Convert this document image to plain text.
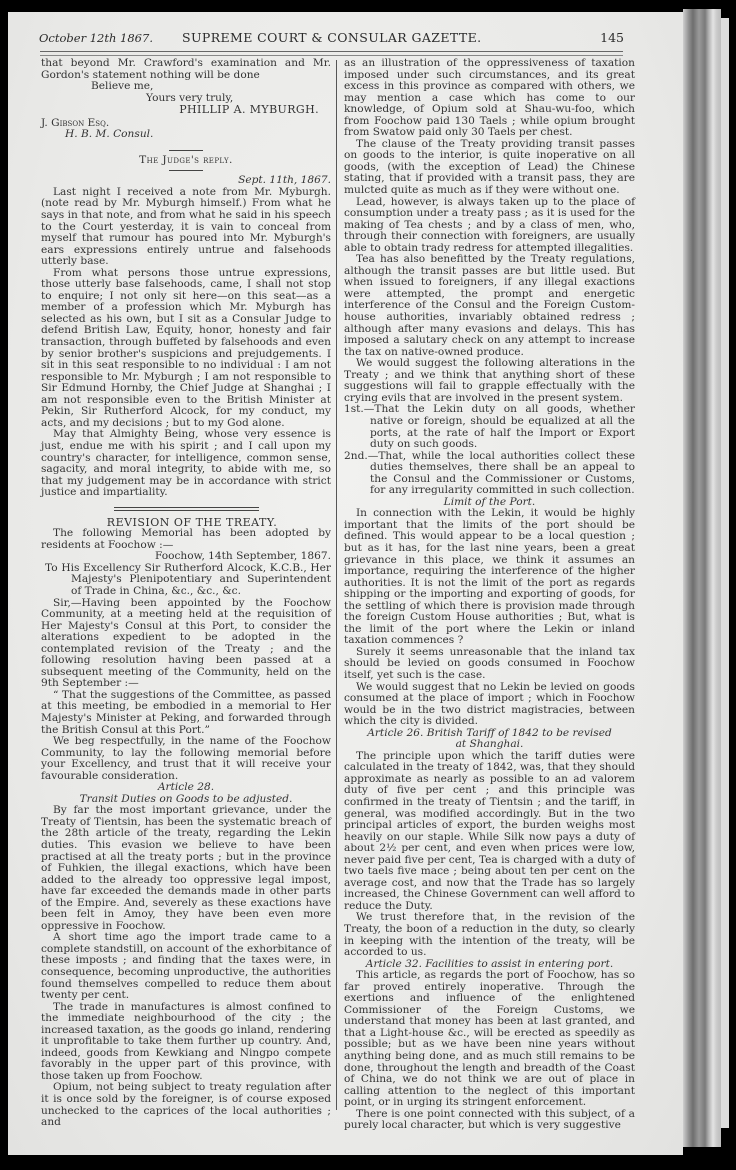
October 12th 1867.	SUPREME COURT & CONSULAR GAZETTE.	145

that beyond Mr. Crawford's examination and Mr. Gordon's statement nothing will be done

Believe me,

Yours very truly,

PHILLIP A. MYBURGH.

J. Gibson Esq.

H. B. M. Consul.

The Judge's reply.

Sept. 11th, 1867.

Last night I received a note from Mr. Myburgh. (note read by Mr. Myburgh himself.) From what he says in that note, and from what he said in his speech to the Court yesterday, it is vain to conceal from myself that rumour has poured into Mr. Myburgh's ears expressions entirely untrue and falsehoods utterly base.

From what persons those untrue expressions, those utterly base falsehoods, came, I shall not stop to enquire; I not only sit here—on this seat—as a member of a profession which Mr. Myburgh has selected as his own, but I sit as a Consular Judge to defend British Law, Equity, honor, honesty and fair transaction, through buffeted by falsehoods and even by senior brother's suspicions and prejudgements. I sit in this seat responsible to no individual : I am not responsible to Mr. Myburgh ; I am not responsible to Sir Edmund Hornby, the Chief Judge at Shanghai ; I am not responsible even to the British Minister at Pekin, Sir Rutherford Alcock, for my conduct, my acts, and my decisions ; but to my God alone.

May that Almighty Being, whose very essence is just, endue me with his spirit ; and I call upon my country's character, for intelligence, common sense, sagacity, and moral integrity, to abide with me, so that my judgement may be in accordance with strict justice and impartiality.

REVISION OF THE TREATY.

The following Memorial has been adopted by residents at Foochow :—

Foochow, 14th September, 1867.

To His Excellency Sir Rutherford Alcock, K.C.B., Her Majesty's Plenipotentiary and Superintendent of Trade in China, &c., &c., &c.

Sir,—Having been appointed by the Foochow Community, at a meeting held at the requisition of Her Majesty's Consul at this Port, to consider the alterations expedient to be adopted in the contemplated revision of the Treaty ; and the following resolution having been passed at a subsequent meeting of the Community, held on the 9th September :—

“ That the suggestions of the Committee, as passed at this meeting, be embodied in a memorial to Her Majesty's Minister at Peking, and forwarded through the British Consul at this Port.”

We beg respectfully, in the name of the Foochow Community, to lay the following memorial before your Excellency, and trust that it will receive your favourable consideration.

Article 28.

Transit Duties on Goods to be adjusted.

By far the most important grievance, under the Treaty of Tientsin, has been the systematic breach of the 28th article of the treaty, regarding the Lekin duties. This evasion we believe to have been practised at all the treaty ports ; but in the province of Fuhkien, the illegal exactions, which have been added to the already too oppressive legal impost, have far exceeded the demands made in other parts of the Empire. And, severely as these exactions have been felt in Amoy, they have been even more oppressive in Foochow.

A short time ago the import trade came to a complete standstill, on account of the exhorbitance of these imposts ; and finding that the taxes were, in consequence, becoming unproductive, the authorities found themselves compelled to reduce them about twenty per cent.

The trade in manufactures is almost confined to the immediate neighbourhood of the city ; the increased taxation, as the goods go inland, rendering it unprofitable to take them further up country. And, indeed, goods from Kewkiang and Ningpo compete favorably in the upper part of this province, with those taken up from Foochow.

Opium, not being subject to treaty regulation after it is once sold by the foreigner, is of course exposed unchecked to the caprices of the local authorities ; and

as an illustration of the oppressiveness of taxation imposed under such circumstances, and its great excess in this province as compared with others, we may mention a case which has come to our knowledge, of Opium sold at Shau-wu-foo, which from Foochow paid 130 Taels ; while opium brought from Swatow paid only 30 Taels per chest.

The clause of the Treaty providing transit passes on goods to the interior, is quite inoperative on all goods, (with the exception of Lead) the Chinese stating, that if provided with a transit pass, they are mulcted quite as much as if they were without one.

Lead, however, is always taken up to the place of consumption under a treaty pass ; as it is used for the making of Tea chests ; and by a class of men, who, through their connection with foreigners, are usually able to obtain trady redress for attempted illegalities.

Tea has also benefitted by the Treaty regulations, although the transit passes are but little used. But when issued to foreigners, if any illegal exactions were attempted, the prompt and energetic interference of the Consul and the Foreign Custom-house authorities, invariably obtained redress ; although after many evasions and delays. This has imposed a salutary check on any attempt to increase the tax on native-owned produce.

We would suggest the following alterations in the Treaty ; and we think that anything short of these suggestions will fail to grapple effectually with the crying evils that are involved in the present system.

1st.—That the Lekin duty on all goods, whether native or foreign, should be equalized at all the ports, at the rate of half the Import or Export duty on such goods.

2nd.—That, while the local authorities collect these duties themselves, there shall be an appeal to the Consul and the Commissioner or Customs, for any irregularity committed in such collection.

Limit of the Port.

In connection with the Lekin, it would be highly important that the limits of the port should be defined. This would appear to be a local question ; but as it has, for the last nine years, been a great grievance in this place, we think it assumes an importance, requiring the interference of the higher authorities. It is not the limit of the port as regards shipping or the importing and exporting of goods, for the settling of which there is provision made through the foreign Custom House authorities ; But, what is the limit of the port where the Lekin or inland taxation commences ?

Surely it seems unreasonable that the inland tax should be levied on goods consumed in Foochow itself, yet such is the case.

We would suggest that no Lekin be levied on goods consumed at the place of import ; which in Foochow would be in the two district magistracies, between which the city is divided.

Article 26. British Tariff of 1842 to be revised at Shanghai.

The principle upon which the tariff duties were calculated in the treaty of 1842, was, that they should approximate as nearly as possible to an ad valorem duty of five per cent ; and this principle was confirmed in the treaty of Tientsin ; and the tariff, in general, was modified accordingly. But in the two principal articles of export, the burden weighs most heavily on our staple. While Silk now pays a duty of about 2½ per cent, and even when prices were low, never paid five per cent, Tea is charged with a duty of two taels five mace ; being about ten per cent on the average cost, and now that the Trade has so largely increased, the Chinese Government can well afford to reduce the Duty.

We trust therefore that, in the revision of the Treaty, the boon of a reduction in the duty, so clearly in keeping with the intention of the treaty, will be accorded to us.

Article 32. Facilities to assist in entering port.

This article, as regards the port of Foochow, has so far proved entirely inoperative. Through the exertions and influence of the enlightened Commissioner of the Foreign Customs, we understand that money has been at last granted, and that a Light-house &c., will be erected as speedily as possible; but as we have been nine years without anything being done, and as much still remains to be done, throughout the length and breadth of the Coast of China, we do not think we are out of place in calling attention to the neglect of this important point, or in urging its stringent enforcement.

There is one point connected with this subject, of a purely local character, but which is very suggestive
